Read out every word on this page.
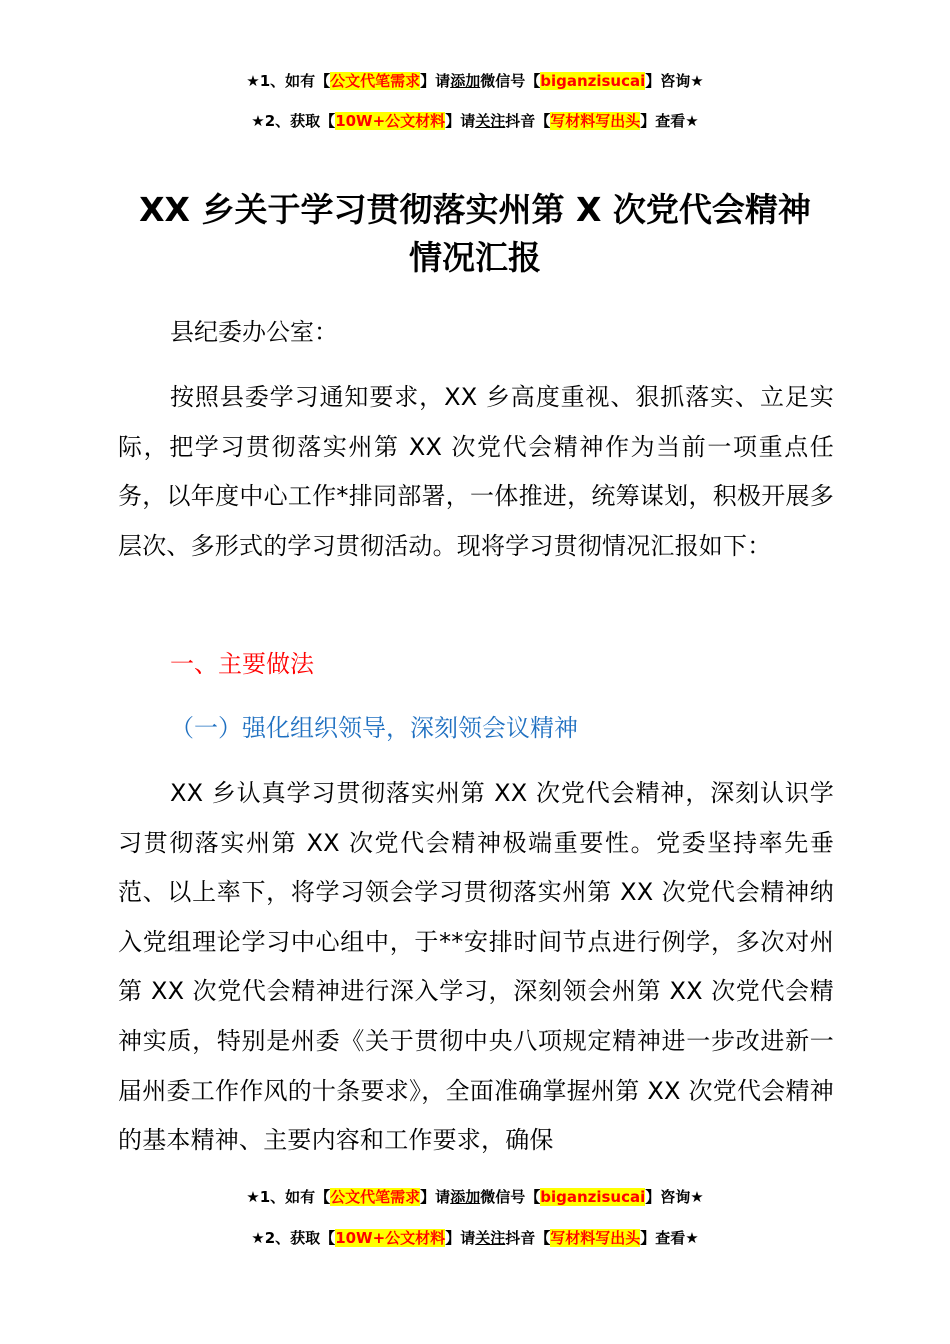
★1、如有【公文代笔需求】请添加微信号【biganzisucai】咨询★
★2、获取【10W+公文材料】请关注抖音【写材料写出头】查看★
XX 乡关于学习贯彻落实州第 X 次党代会精神
情况汇报
县纪委办公室：

按照县委学习通知要求，XX 乡高度重视、狠抓落实、立足实际，把学习贯彻落实州第 XX 次党代会精神作为当前一项重点任务，以年度中心工作*排同部署，一体推进，统筹谋划，积极开展多层次、多形式的学习贯彻活动。现将学习贯彻情况汇报如下：

一、主要做法
（一）强化组织领导，深刻领会议精神

XX 乡认真学习贯彻落实州第 XX 次党代会精神，深刻认识学习贯彻落实州第 XX 次党代会精神极端重要性。党委坚持率先垂范、以上率下，将学习领会学习贯彻落实州第 XX 次党代会精神纳入党组理论学习中心组中，于**安排时间节点进行例学，多次对州第 XX 次党代会精神进行深入学习，深刻领会州第 XX 次党代会精神实质，特别是州委《关于贯彻中央八项规定精神进一步改进新一届州委工作作风的十条要求》，全面准确掌握州第 XX 次党代会精神的基本精神、主要内容和工作要求，确保

★1、如有【公文代笔需求】请添加微信号【biganzisucai】咨询★
★2、获取【10W+公文材料】请关注抖音【写材料写出头】查看★
